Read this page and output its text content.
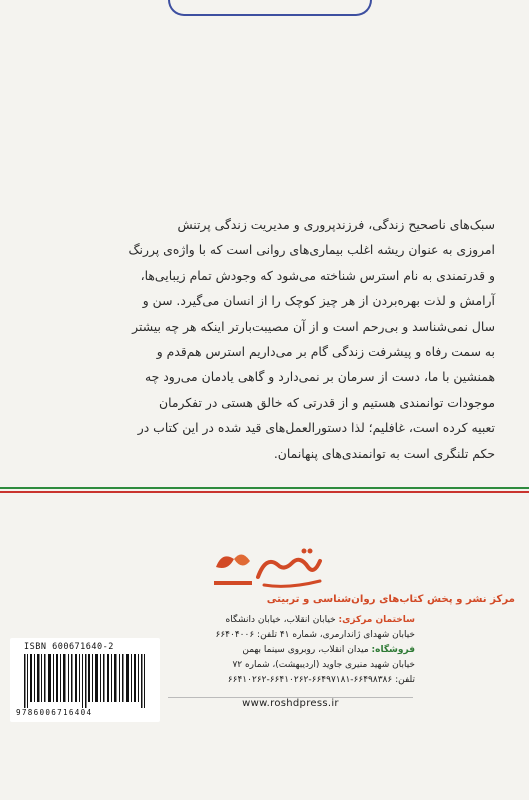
سبک‌های ناصحیح زندگی، فرزندپروری و مدیریت زندگی پرتنش

امروزی به عنوان ریشه اغلب بیماری‌های روانی است که با واژه‌ی پررنگ

و قدرتمندی به نام استرس شناخته می‌شود که وجودش تمام زیبایی‌ها،

آرامش و لذت بهره‌بردن از هر چیز کوچک را از انسان می‌گیرد. سن و

سال نمی‌شناسد و بی‌رحم است و از آن مصیبت‌بارتر اینکه هر چه بیشتر

به سمت رفاه و پیشرفت زندگی گام بر می‌داریم استرس هم‌قدم و

همنشین با ما، دست از سرمان بر نمی‌دارد و گاهی یادمان می‌رود چه

موجودات توانمندی هستیم و از قدرتی که خالق هستی در تفکرمان

تعبیه کرده است، غافلیم؛ لذا دستورالعمل‌های قید شده در این کتاب در

حکم تلنگری است به توانمندی‌های پنهانمان.

رشد
مرکز نشر و پخش کتاب‌های روان‌شناسی و تربیتی
ساختمان مرکزی: خیابان انقلاب، خیابان دانشگاه
خیابان شهدای ژاندارمری، شماره ۴۱ تلفن: ۶۶۴۰۴۰۰۶
فروشگاه: میدان انقلاب، روبروی سینما بهمن
خیابان شهید منیری جاوید (اردیبهشت)، شماره ۷۲
تلفن: ۶۶۴۹۸۳۸۶-۶۶۴۹۷۱۸۱-۶۶۴۱۰۲۶۲-۶۶۴۱۰۲۶۲
www.roshdpress.ir
ISBN 600671640-2
9786006716404
